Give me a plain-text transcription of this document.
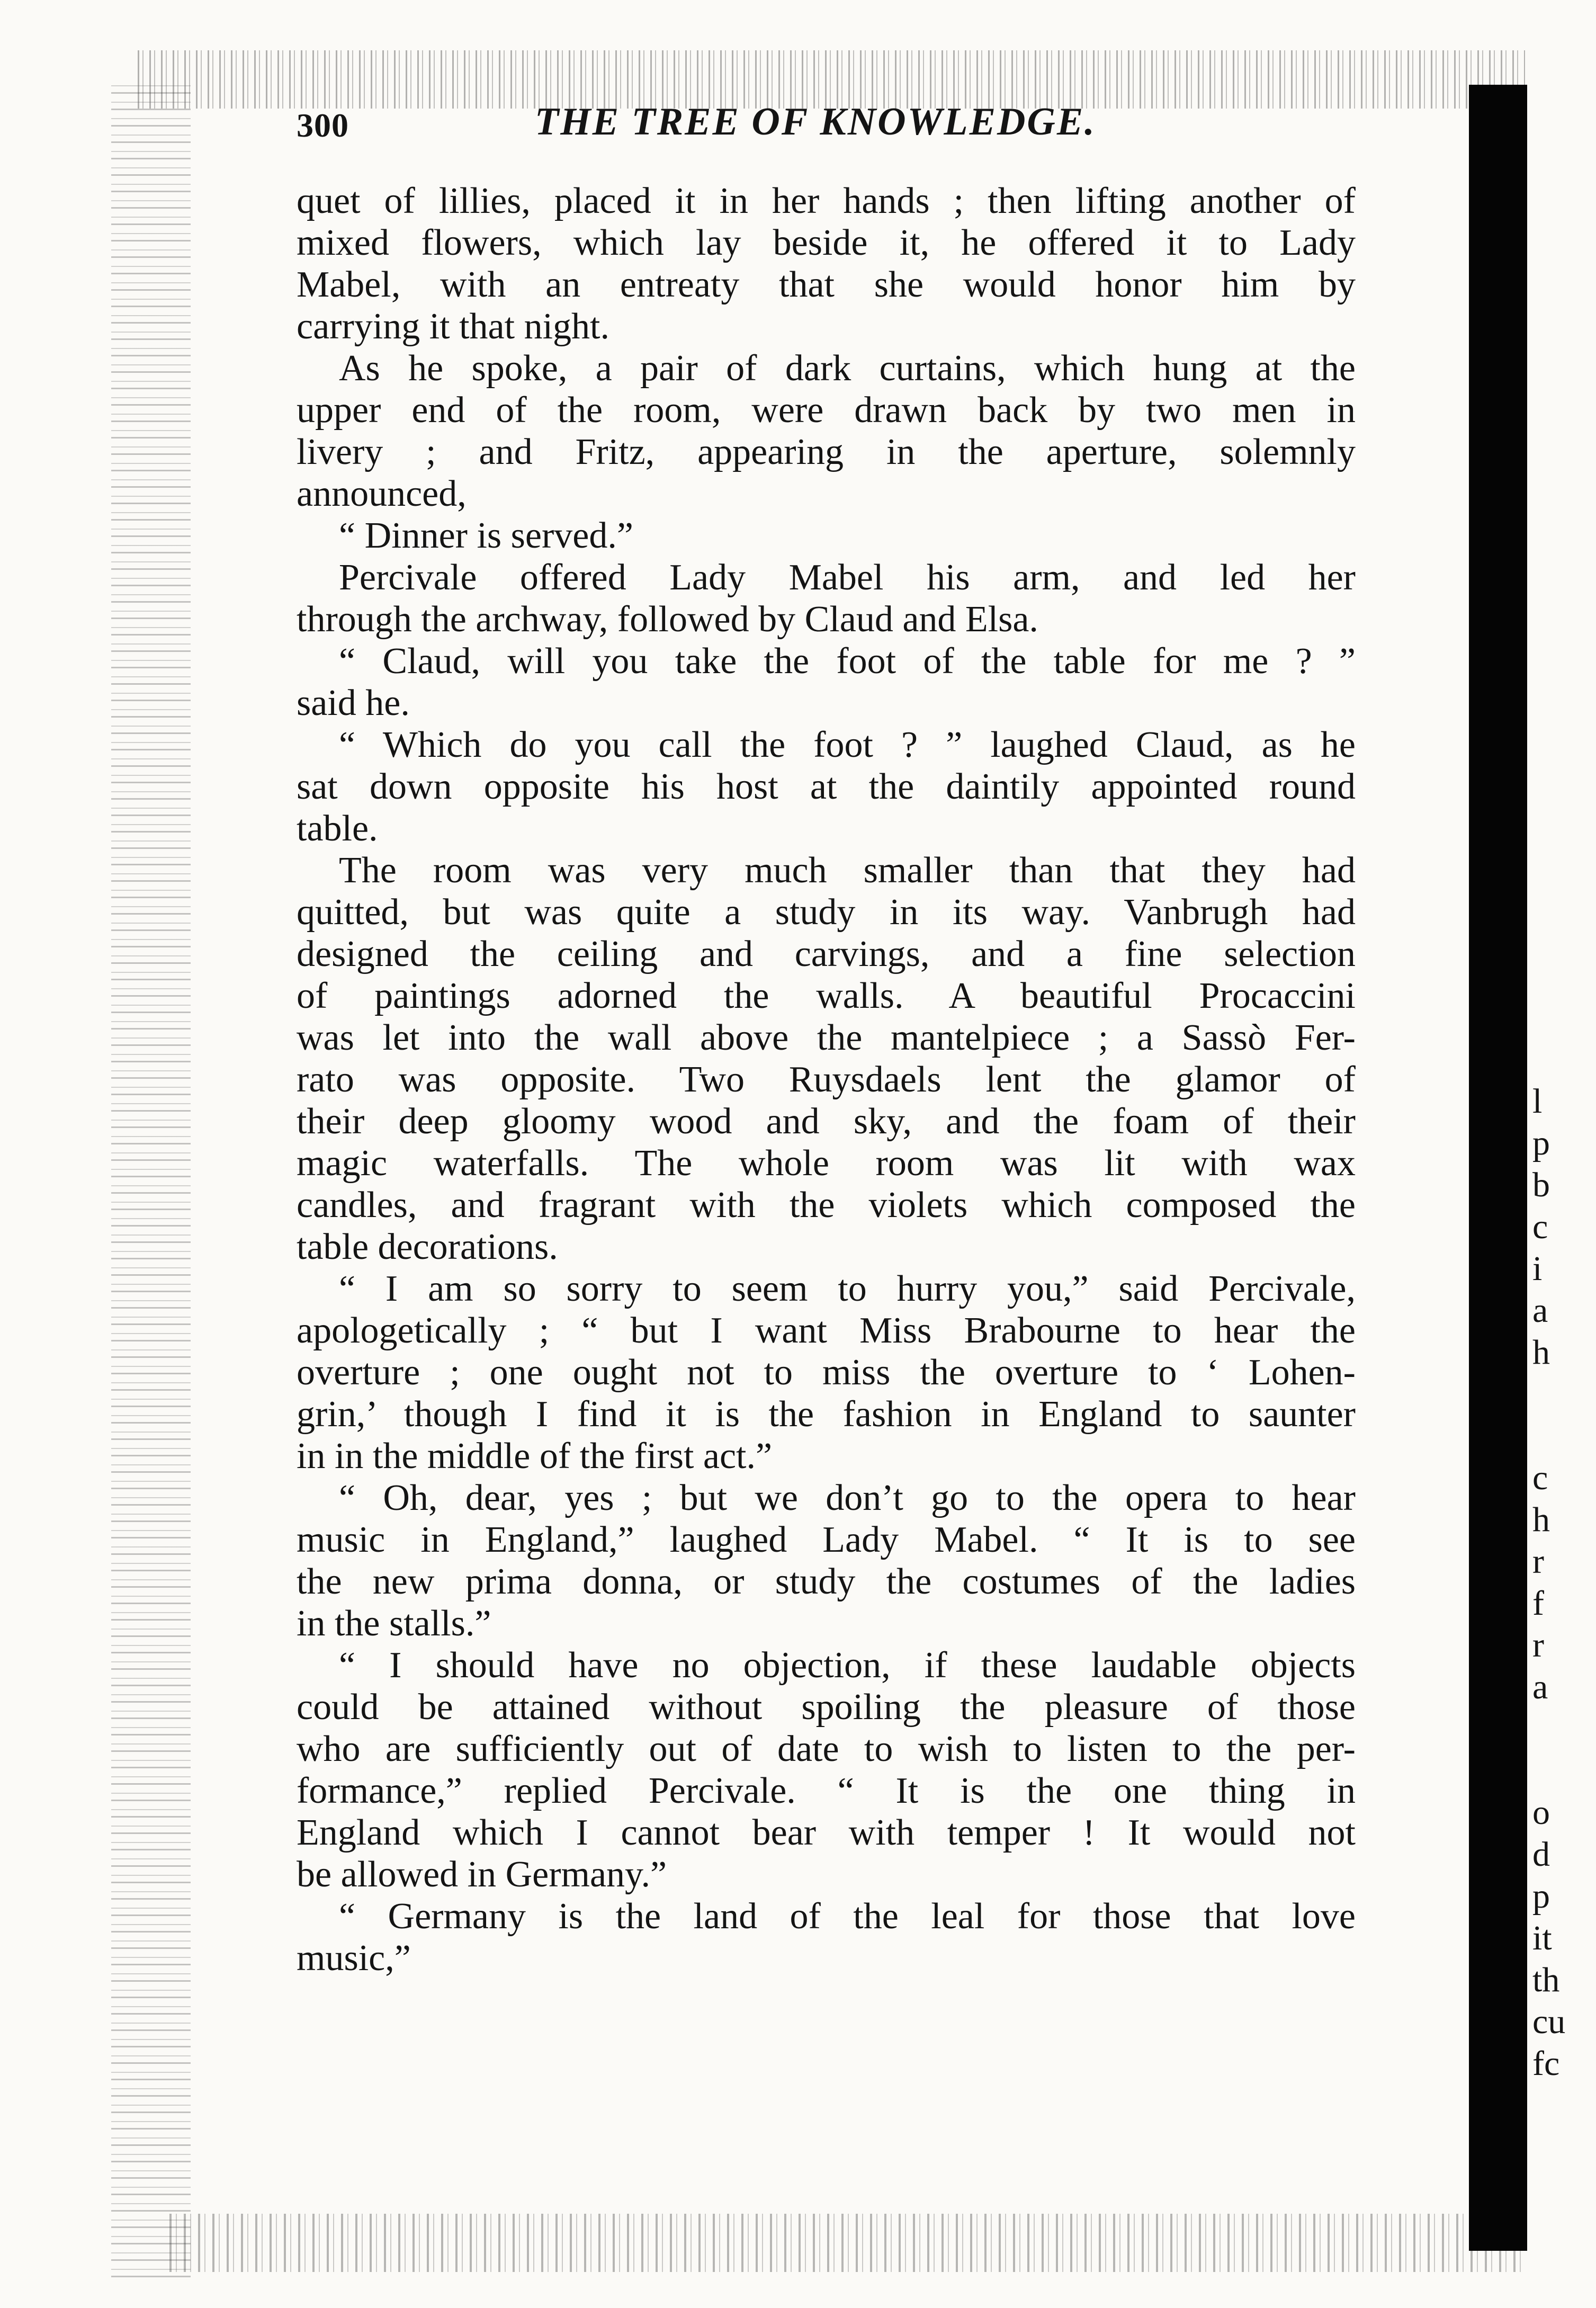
300	THE TREE OF KNOWLEDGE.
quet of lillies, placed it in her hands ; then lifting another of
mixed flowers, which lay beside it, he offered it to Lady
Mabel, with an entreaty that she would honor him by
carrying it that night.
As he spoke, a pair of dark curtains, which hung at the
upper end of the room, were drawn back by two men in
livery ; and Fritz, appearing in the aperture, solemnly
announced,
“ Dinner is served.”
Percivale offered Lady Mabel his arm, and led her
through the archway, followed by Claud and Elsa.
“ Claud, will you take the foot of the table for me ? ”
said he.
“ Which do you call the foot ? ” laughed Claud, as he
sat down opposite his host at the daintily appointed round
table.
The room was very much smaller than that they had
quitted, but was quite a study in its way. Vanbrugh had
designed the ceiling and carvings, and a fine selection
of paintings adorned the walls. A beautiful Procaccini
was let into the wall above the mantelpiece ; a Sassò Fer-
rato was opposite. Two Ruysdaels lent the glamor of
their deep gloomy wood and sky, and the foam of their
magic waterfalls. The whole room was lit with wax
candles, and fragrant with the violets which composed the
table decorations.
“ I am so sorry to seem to hurry you,” said Percivale,
apologetically ; “ but I want Miss Brabourne to hear the
overture ; one ought not to miss the overture to ‘ Lohen-
grin,’ though I find it is the fashion in England to saunter
in in the middle of the first act.”
“ Oh, dear, yes ; but we don’t go to the opera to hear
music in England,” laughed Lady Mabel. “ It is to see
the new prima donna, or study the costumes of the ladies
in the stalls.”
“ I should have no objection, if these laudable objects
could be attained without spoiling the pleasure of those
who are sufficiently out of date to wish to listen to the per-
formance,” replied Percivale. “ It is the one thing in
England which I cannot bear with temper ! It would not
be allowed in Germany.”
“ Germany is the land of the leal for those that love
music,”
l
p
b
c
i
a
h
c
h
r
f
r
a
o
d
p
it
th
cu
fc
